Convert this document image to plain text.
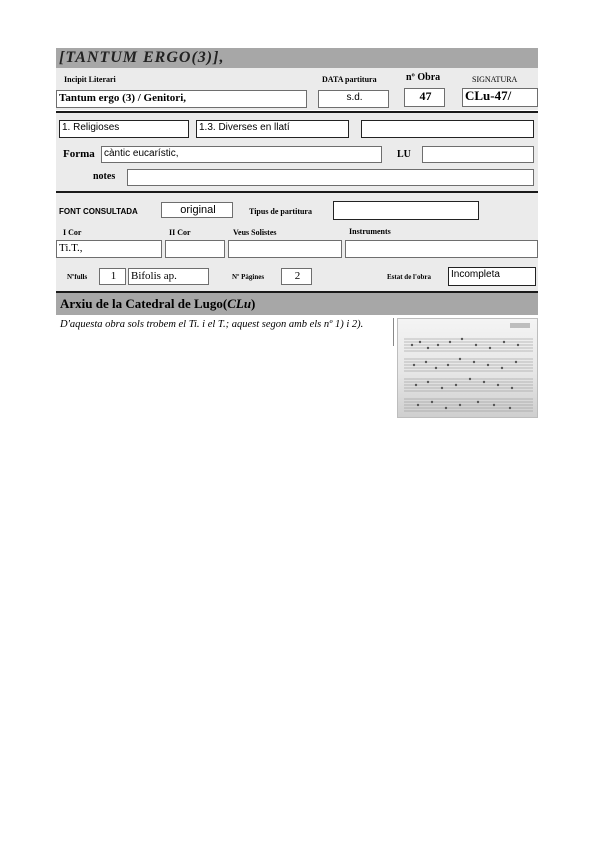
[TANTUM ERGO(3)],
Incipit Literari	DATA partitura	nº Obra	SIGNATURA
Tantum ergo (3) / Genitori,	s.d.	47	CLu-47/
1. Religioses	1.3. Diverses en llatí
Forma càntic eucarístic,	LU
notes
FONT CONSULTADA	original	Tipus de partitura
I Cor	II Cor	Veus Solistes	Instruments
Ti.T.,
Nºfulls	1	Bifolis ap.	Nº Pàgines	2	Estat de l'obra	Incompleta
Arxiu de la Catedral de Lugo(CLu)
D'aquesta obra sols trobem el Ti. i el T.; aquest segon amb els nº 1) i 2).
